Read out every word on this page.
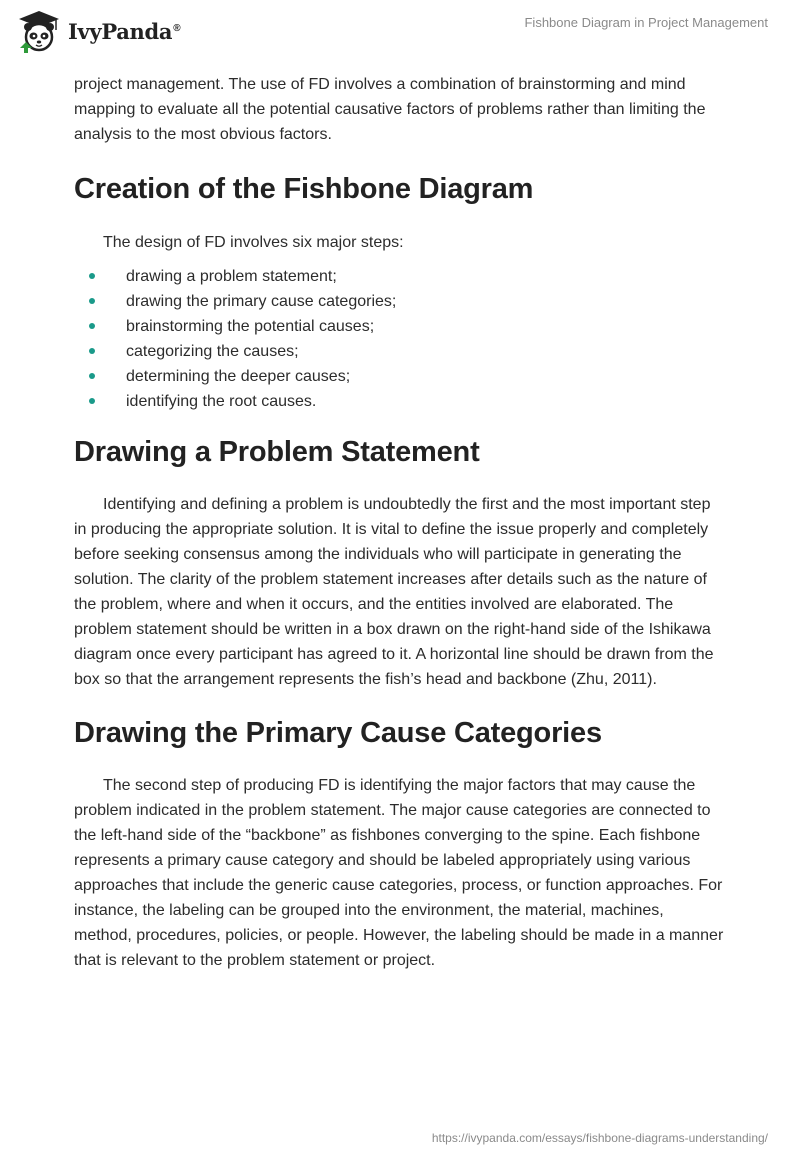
IvyPanda®	Fishbone Diagram in Project Management

project management. The use of FD involves a combination of brainstorming and mind mapping to evaluate all the potential causative factors of problems rather than limiting the analysis to the most obvious factors.

Creation of the Fishbone Diagram

The design of FD involves six major steps:

drawing a problem statement;
drawing the primary cause categories;
brainstorming the potential causes;
categorizing the causes;
determining the deeper causes;
identifying the root causes.
Drawing a Problem Statement

Identifying and defining a problem is undoubtedly the first and the most important step in producing the appropriate solution. It is vital to define the issue properly and completely before seeking consensus among the individuals who will participate in generating the solution. The clarity of the problem statement increases after details such as the nature of the problem, where and when it occurs, and the entities involved are elaborated. The problem statement should be written in a box drawn on the right-hand side of the Ishikawa diagram once every participant has agreed to it. A horizontal line should be drawn from the box so that the arrangement represents the fish’s head and backbone (Zhu, 2011).

Drawing the Primary Cause Categories

The second step of producing FD is identifying the major factors that may cause the problem indicated in the problem statement. The major cause categories are connected to the left-hand side of the “backbone” as fishbones converging to the spine. Each fishbone represents a primary cause category and should be labeled appropriately using various approaches that include the generic cause categories, process, or function approaches. For instance, the labeling can be grouped into the environment, the material, machines, method, procedures, policies, or people. However, the labeling should be made in a manner that is relevant to the problem statement or project.

https://ivypanda.com/essays/fishbone-diagrams-understanding/
